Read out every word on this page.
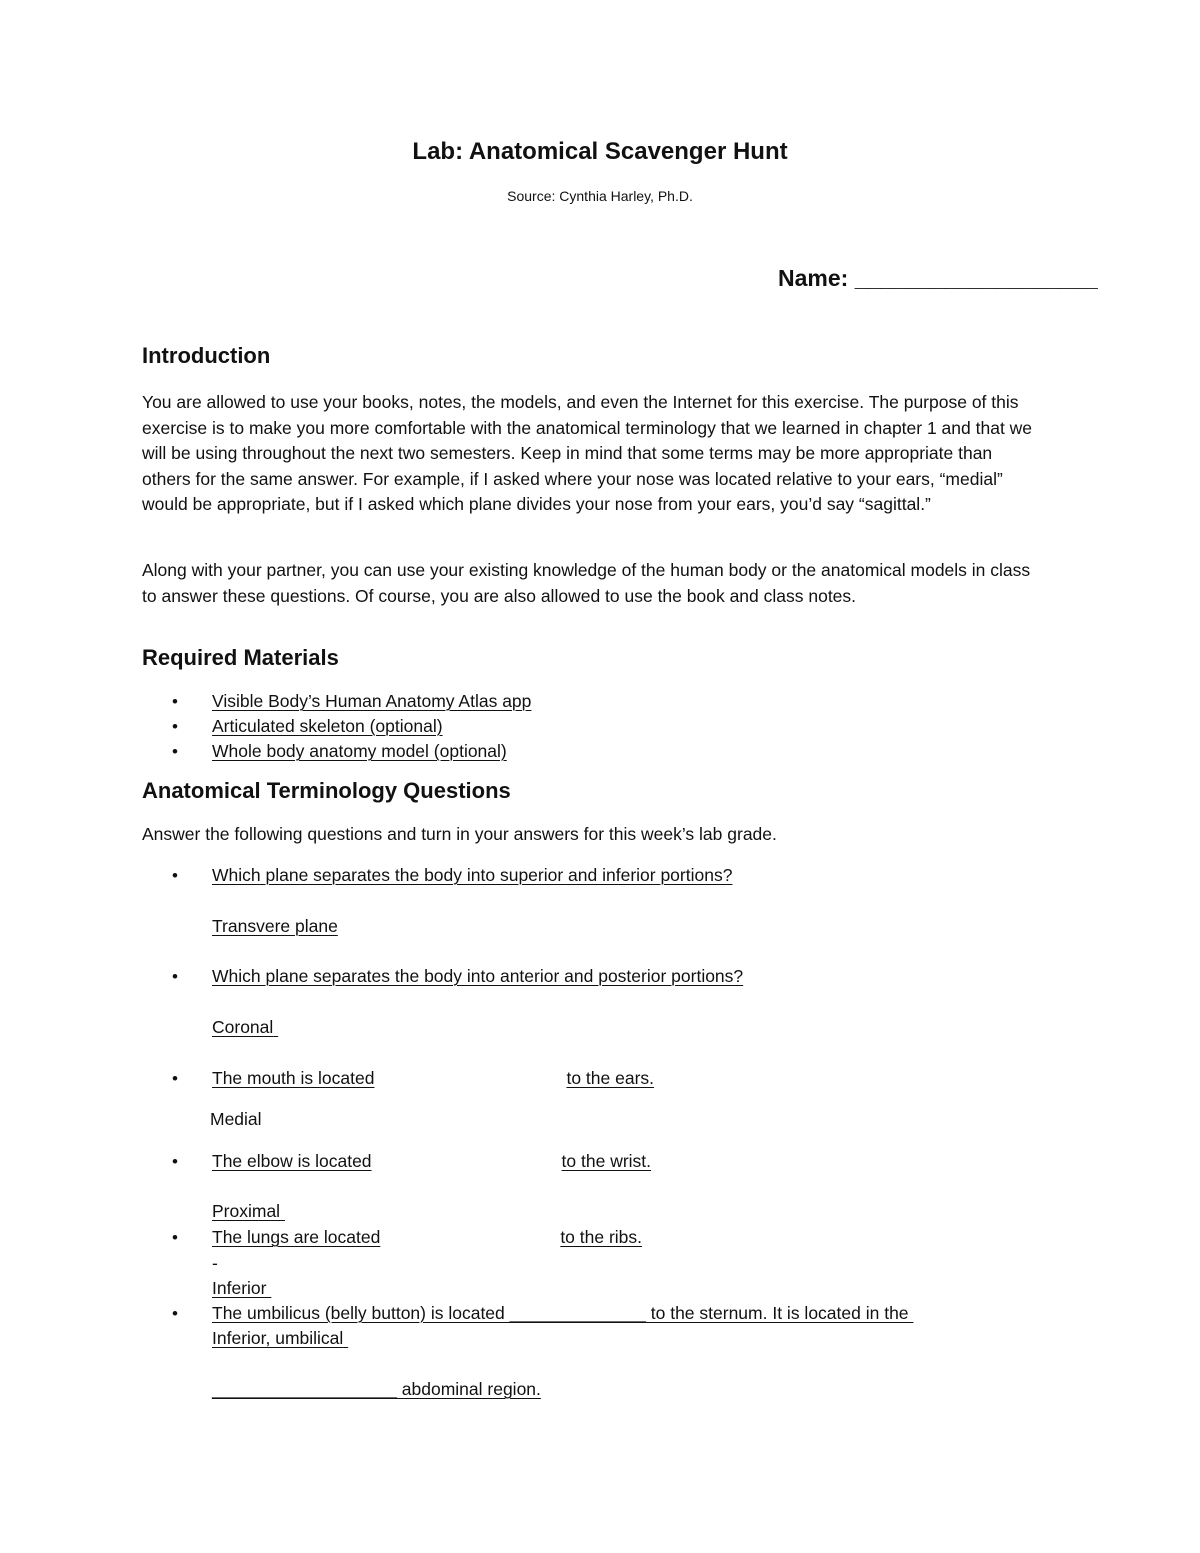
Lab: Anatomical Scavenger Hunt
Source: Cynthia Harley, Ph.D.
Name: ___________________
Introduction

You are allowed to use your books, notes, the models, and even the Internet for this exercise. The purpose of this exercise is to make you more comfortable with the anatomical terminology that we learned in chapter 1 and that we will be using throughout the next two semesters. Keep in mind that some terms may be more appropriate than others for the same answer. For example, if I asked where your nose was located relative to your ears, “medial” would be appropriate, but if I asked which plane divides your nose from your ears, you’d say “sagittal.”

Along with your partner, you can use your existing knowledge of the human body or the anatomical models in class to answer these questions. Of course, you are also allowed to use the book and class notes.

Required Materials
• Visible Body’s Human Anatomy Atlas app
• Articulated skeleton (optional)
• Whole body anatomy model (optional)
Anatomical Terminology Questions
Answer the following questions and turn in your answers for this week’s lab grade.
• Which plane separates the body into superior and inferior portions?
Transvere plane
• Which plane separates the body into anterior and posterior portions?
Coronal
• The mouth is located	to the ears.
Medial
• The elbow is located	to the wrist.
Proximal
• The lungs are located	to the ribs.
-
Inferior
• The umbilicus (belly button) is located ______________ to the sternum. It is located in the
Inferior, umbilical
___________________ abdominal region.
